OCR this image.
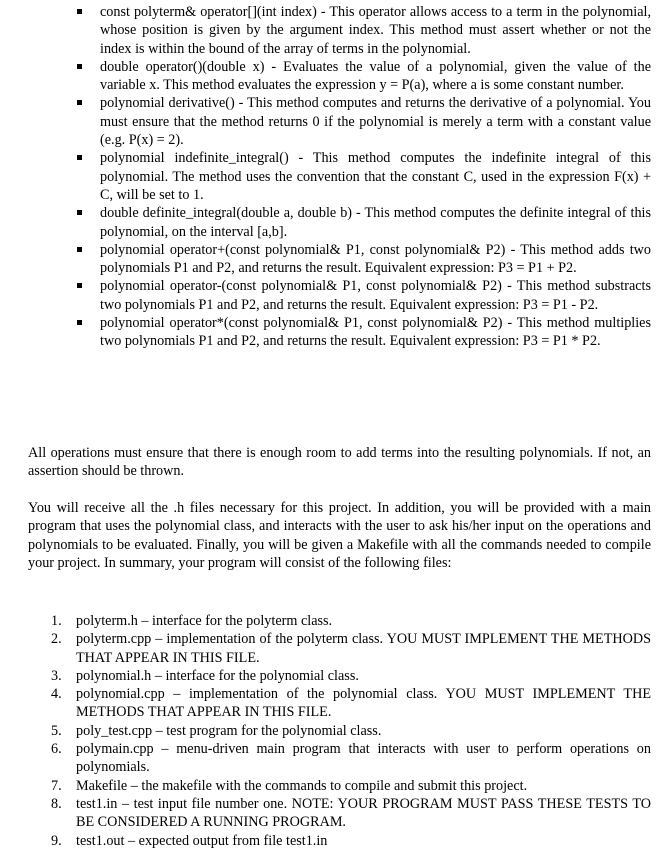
const polyterm& operator[](int index) - This operator allows access to a term in the polynomial, whose position is given by the argument index. This method must assert whether or not the index is within the bound of the array of terms in the polynomial.
double operator()(double x) - Evaluates the value of a polynomial, given the value of the variable x. This method evaluates the expression y = P(a), where a is some constant number.
polynomial derivative() - This method computes and returns the derivative of a polynomial. You must ensure that the method returns 0 if the polynomial is merely a term with a constant value (e.g. P(x) = 2).
polynomial indefinite_integral() - This method computes the indefinite integral of this polynomial. The method uses the convention that the constant C, used in the expression F(x) + C, will be set to 1.
double definite_integral(double a, double b) - This method computes the definite integral of this polynomial, on the interval [a,b].
polynomial operator+(const polynomial& P1, const polynomial& P2) - This method adds two polynomials P1 and P2, and returns the result. Equivalent expression: P3 = P1 + P2.
polynomial operator-(const polynomial& P1, const polynomial& P2) - This method substracts two polynomials P1 and P2, and returns the result. Equivalent expression: P3 = P1 - P2.
polynomial operator*(const polynomial& P1, const polynomial& P2) - This method multiplies two polynomials P1 and P2, and returns the result. Equivalent expression: P3 = P1 * P2.

All operations must ensure that there is enough room to add terms into the resulting polynomials. If not, an assertion should be thrown.

You will receive all the .h files necessary for this project. In addition, you will be provided with a main program that uses the polynomial class, and interacts with the user to ask his/her input on the operations and polynomials to be evaluated. Finally, you will be given a Makefile with all the commands needed to compile your project. In summary, your program will consist of the following files:

1. polyterm.h – interface for the polyterm class.
2. polyterm.cpp – implementation of the polyterm class. YOU MUST IMPLEMENT THE METHODS THAT APPEAR IN THIS FILE.
3. polynomial.h – interface for the polynomial class.
4. polynomial.cpp – implementation of the polynomial class. YOU MUST IMPLEMENT THE METHODS THAT APPEAR IN THIS FILE.
5. poly_test.cpp – test program for the polynomial class.
6. polymain.cpp – menu-driven main program that interacts with user to perform operations on polynomials.
7. Makefile – the makefile with the commands to compile and submit this project.
8. test1.in – test input file number one. NOTE: YOUR PROGRAM MUST PASS THESE TESTS TO BE CONSIDERED A RUNNING PROGRAM.
9. test1.out – expected output from file test1.in
